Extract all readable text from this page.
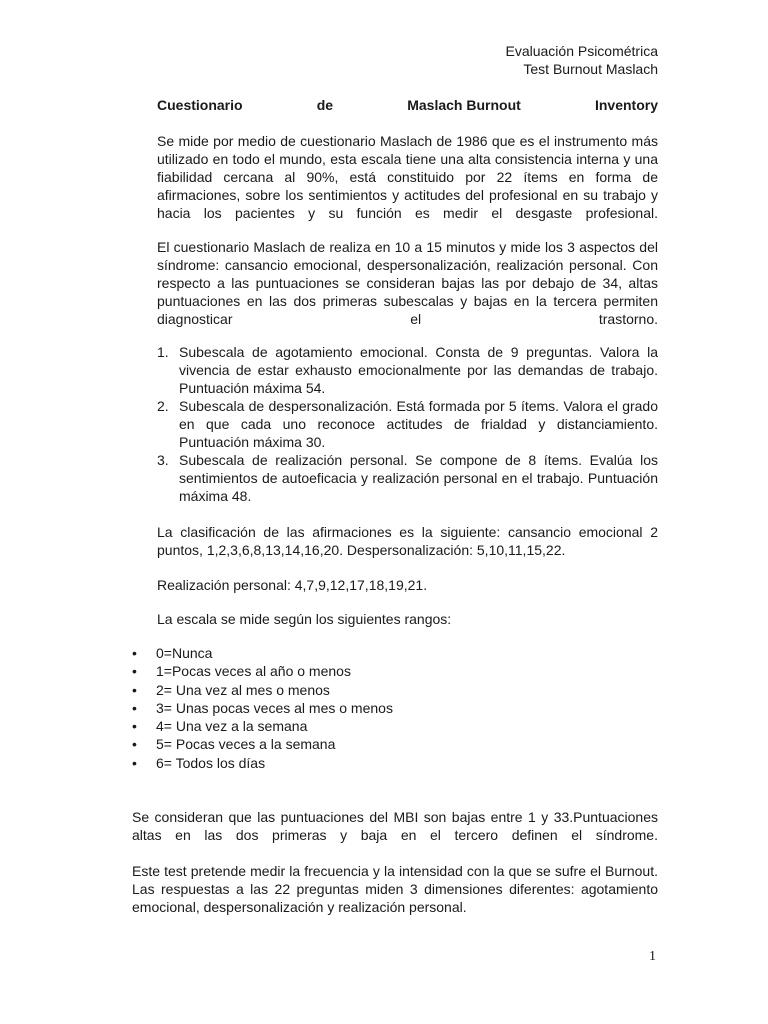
Evaluación Psicométrica
Test Burnout Maslach
Cuestionario	de	Maslach Burnout	Inventory
Se mide por medio de cuestionario Maslach de 1986 que es el instrumento más utilizado en todo el mundo, esta escala tiene una alta consistencia interna y una fiabilidad cercana al 90%, está constituido por 22 ítems en forma de afirmaciones, sobre los sentimientos y actitudes del profesional en su trabajo y hacia los pacientes y su función es medir el desgaste profesional.
El cuestionario Maslach de realiza en 10 a 15 minutos y mide los 3 aspectos del síndrome: cansancio emocional, despersonalización, realización personal. Con respecto a las puntuaciones se consideran bajas las por debajo de 34, altas puntuaciones en las dos primeras subescalas y bajas en la tercera permiten diagnosticar el trastorno.
1. Subescala de agotamiento emocional. Consta de 9 preguntas. Valora la vivencia de estar exhausto emocionalmente por las demandas de trabajo. Puntuación máxima 54.
2. Subescala de despersonalización. Está formada por 5 ítems. Valora el grado en que cada uno reconoce actitudes de frialdad y distanciamiento. Puntuación máxima 30.
3. Subescala de realización personal. Se compone de 8 ítems. Evalúa los sentimientos de autoeficacia y realización personal en el trabajo. Puntuación máxima 48.
La clasificación de las afirmaciones es la siguiente: cansancio emocional 2 puntos, 1,2,3,6,8,13,14,16,20. Despersonalización: 5,10,11,15,22.
Realización personal: 4,7,9,12,17,18,19,21.
La escala se mide según los siguientes rangos:
• 0=Nunca
• 1=Pocas veces al año o menos
• 2= Una vez al mes o menos
• 3= Unas pocas veces al mes o menos
• 4= Una vez a la semana
• 5= Pocas veces a la semana
• 6= Todos los días
Se consideran que las puntuaciones del MBI son bajas entre 1 y 33.Puntuaciones altas en las dos primeras y baja en el tercero definen el síndrome.
Este test pretende medir la frecuencia y la intensidad con la que se sufre el Burnout. Las respuestas a las 22 preguntas miden 3 dimensiones diferentes: agotamiento emocional, despersonalización y realización personal.
1
